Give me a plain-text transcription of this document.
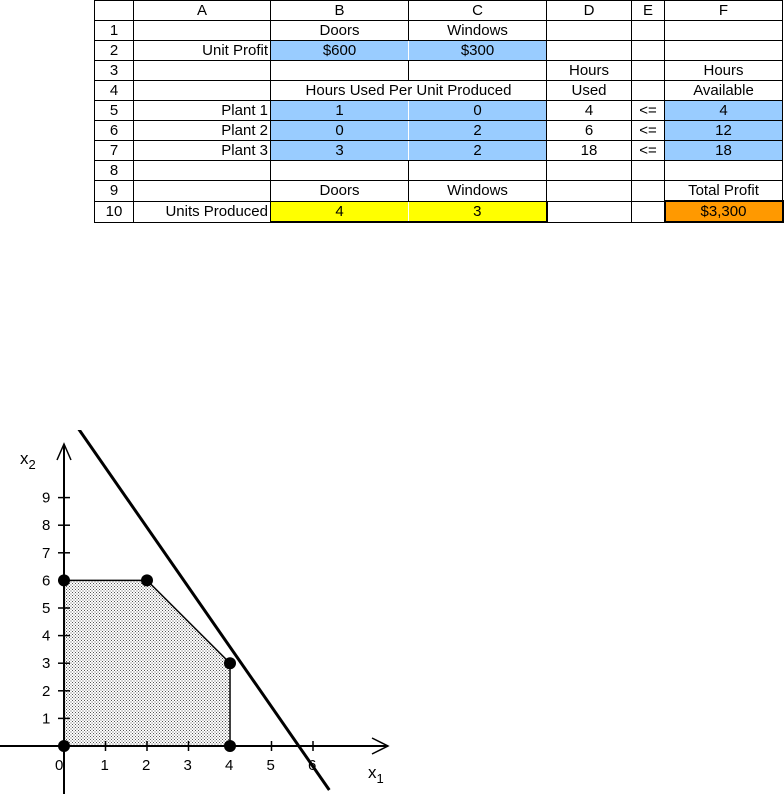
	A	B	C	D	E	F
1		Doors	Windows			
2	Unit Profit	$600	$300			
3				Hours		Hours
4		Hours Used Per Unit Produced		Used		Available
5	Plant 1	1	0	4	<=	4
6	Plant 2	0	2	6	<=	12
7	Plant 3	3	2	18	<=	18
8						
9		Doors	Windows			Total Profit
10	Units Produced	4	3			$3,300
0 1 2 3 4 5 6
1
2
3
4
5
6
7
8
9
$x_2$
$x_1$
